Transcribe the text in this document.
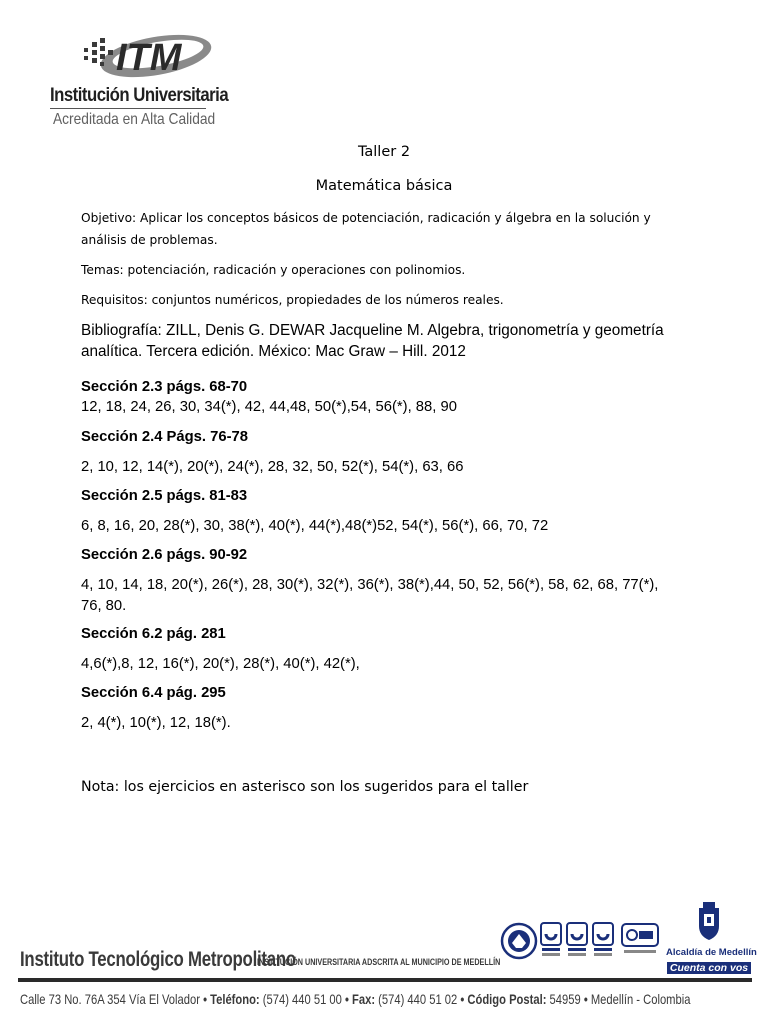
ITM
Institución Universitaria
Acreditada en Alta Calidad
Taller 2
Matemática básica
Objetivo: Aplicar los conceptos básicos de potenciación, radicación y álgebra en la solución y análisis de problemas.
Temas: potenciación, radicación y operaciones con polinomios.
Requisitos: conjuntos numéricos, propiedades de los números reales.
Bibliografía: ZILL, Denis G. DEWAR Jacqueline M. Algebra, trigonometría y geometría analítica. Tercera edición. México: Mac Graw – Hill. 2012
Sección 2.3 págs. 68-70
12, 18, 24, 26, 30, 34(*), 42, 44,48, 50(*),54, 56(*), 88, 90
Sección 2.4 Págs. 76-78
2, 10, 12, 14(*), 20(*), 24(*), 28, 32, 50, 52(*), 54(*), 63, 66
Sección 2.5 págs. 81-83
6, 8, 16, 20, 28(*), 30, 38(*), 40(*), 44(*),48(*)52, 54(*), 56(*), 66, 70, 72
Sección 2.6 págs. 90-92
4, 10, 14, 18, 20(*), 26(*), 28, 30(*), 32(*), 36(*), 38(*),44, 50, 52, 56(*), 58, 62, 68, 77(*), 76, 80.
Sección 6.2 pág. 281
4,6(*),8, 12, 16(*), 20(*), 28(*), 40(*), 42(*),
Sección 6.4 pág. 295
2, 4(*), 10(*), 12, 18(*).
Nota: los ejercicios en asterisco son los sugeridos para el taller
Instituto Tecnológico Metropolitano
INSTITUCIÓN UNIVERSITARIA ADSCRITA AL MUNICIPIO DE MEDELLÍN
Alcaldía de Medellín
Cuenta con vos
Calle 73 No. 76A 354 Vía El Volador • Teléfono: (574) 440 51 00 • Fax: (574) 440 51 02 • Código Postal: 54959 • Medellín - Colombia
